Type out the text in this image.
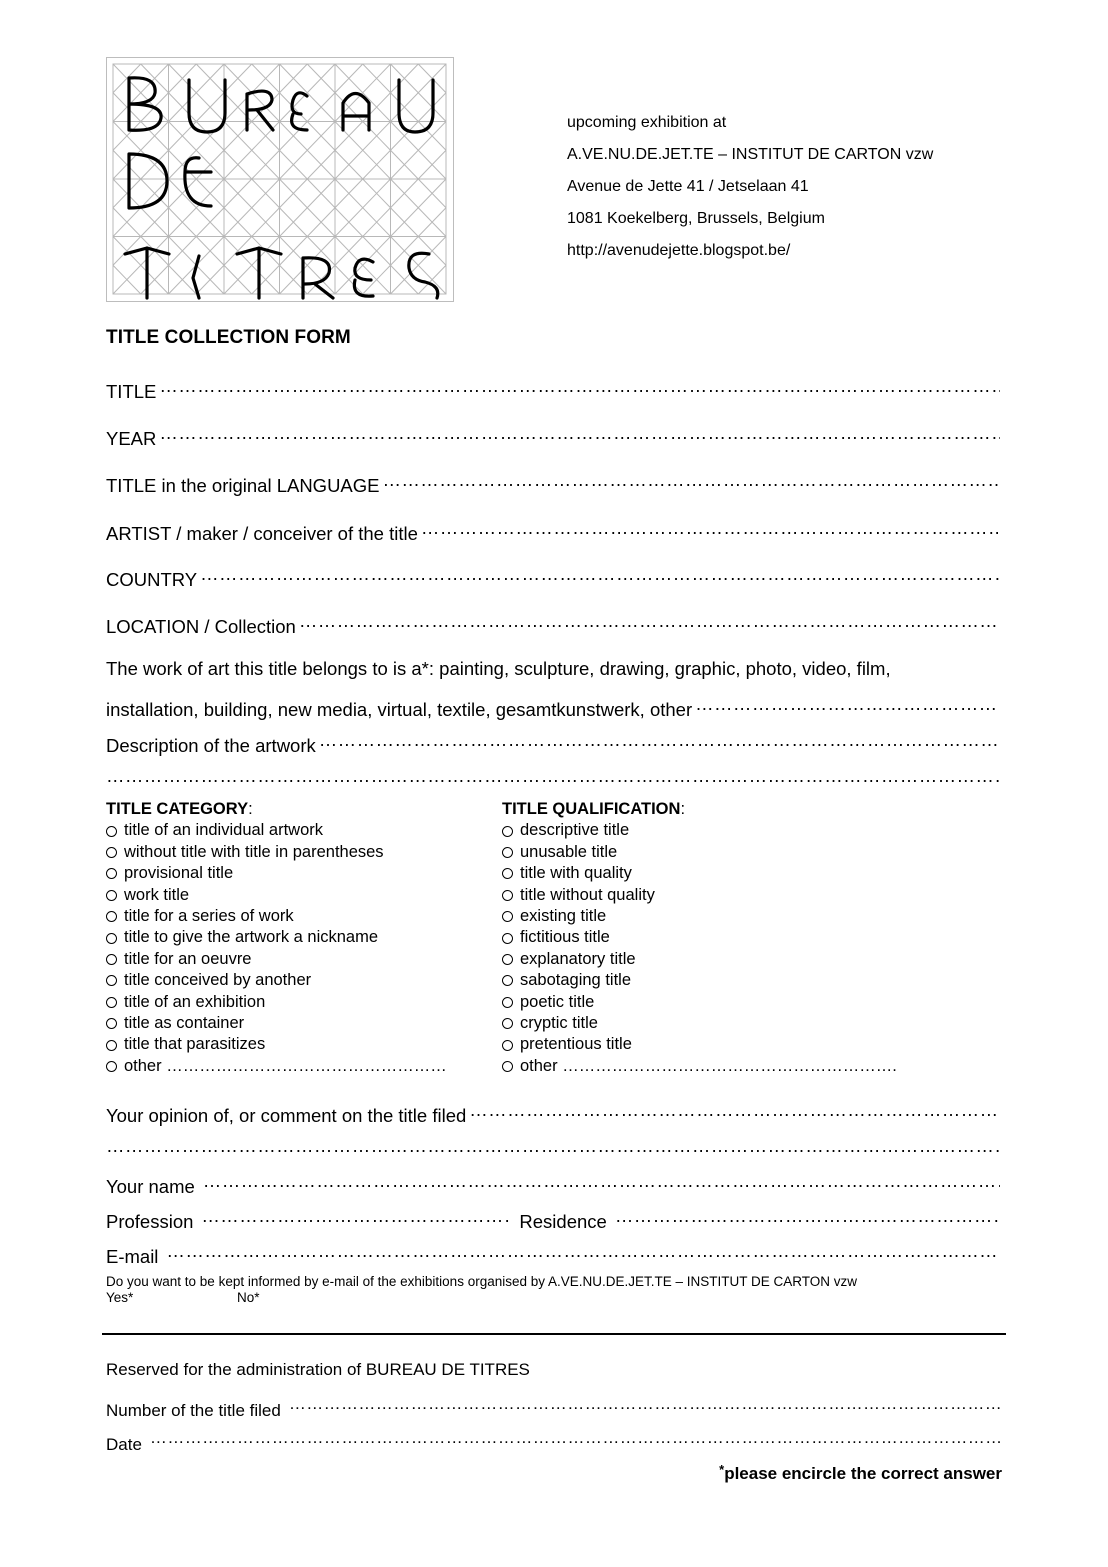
upcoming exhibition at
A.VE.NU.DE.JET.TE – INSTITUT DE CARTON vzw
Avenue de Jette 41 / Jetselaan 41
1081 Koekelberg, Brussels, Belgium
http://avenudejette.blogspot.be/
TITLE COLLECTION FORM
TITLE
…………………………………………………………………………………………………………………………………………………………………………………………………………………
YEAR
…………………………………………………………………………………………………………………………………………………………………………………………………………………
TITLE in the original LANGUAGE
…………………………………………………………………………………………………………………………………………………………………………………………………………………
ARTIST / maker / conceiver of the title
…………………………………………………………………………………………………………………………………………………………………………………………………………………
COUNTRY
…………………………………………………………………………………………………………………………………………………………………………………………………………………
LOCATION / Collection
…………………………………………………………………………………………………………………………………………………………………………………………………………………
The work of art this title belongs to is a*: painting, sculpture, drawing, graphic, photo, video, film,
installation, building, new media, virtual, textile, gesamtkunstwerk, other
…………………………………………………………………………………………………………………………………………………………………………………………………………………
Description of the artwork
…………………………………………………………………………………………………………………………………………………………………………………………………………………
…………………………………………………………………………………………………………………………………………………………………………………………………………………
TITLE CATEGORY:
title of an individual artwork
without title with title in parentheses
provisional title
work title
title for a series of work
title to give the artwork a nickname
title for an oeuvre
title conceived by another
title of an exhibition
title as container
title that parasitizes
other ……………………………………………
TITLE QUALIFICATION:
descriptive title
unusable title
title with quality
title without quality
existing title
fictitious title
explanatory title
sabotaging title
poetic title
cryptic title
pretentious title
other …………………………………………………….
Your opinion of, or comment on the title filed
…………………………………………………………………………………………………………………………………………………………………………………………………………………
…………………………………………………………………………………………………………………………………………………………………………………………………………………
Your name
…………………………………………………………………………………………………………………………………………………………………………………………………………………
Profession
…………………………………………………………………………………………………………………………………………………………………………………………………………………	Residence
…………………………………………………………………………………………………………………………………………………………………………………………………………………
E-mail
…………………………………………………………………………………………………………………………………………………………………………………………………………………
Do you want to be kept informed by e-mail of the exhibitions organised by A.VE.NU.DE.JET.TE – INSTITUT DE CARTON vzw
Yes*	No*
Reserved for the administration of BUREAU DE TITRES
Number of the title filed
…………………………………………………………………………………………………………………………………………………………………………………………………………………
Date
…………………………………………………………………………………………………………………………………………………………………………………………………………………
*please encircle the correct answer
